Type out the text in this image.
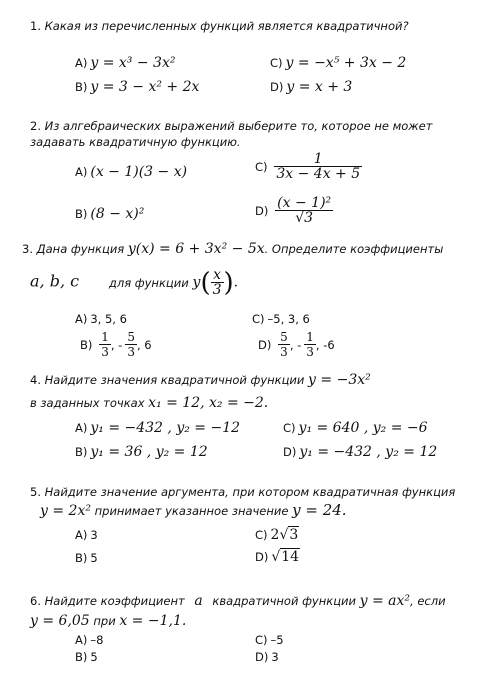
1. Какая из перечисленных функций является квадратичной?
A) y = x³ − 3x²
B) y = 3 − x² + 2x
C) y = −x⁵ + 3x − 2
D) y = x + 3
2. Из алгебраических выражений выберите то, которое не может задавать квадратичную функцию.
A) (x − 1)(3 − x)
B) (8 − x)²
$C) \frac{1}{3x - 4x + 5}$
$D) \frac{\text{(x − 1)²}}{√3}$
3. Дана функция y(x) = 6 + 3x² − 5x. Определите коэффициенты
a, b, c	для функции $y( \frac{x}{3}$ ).
A) 3, 5, 6
$B) \frac{1}{3}$ , - $\frac{5}{3}$ , 6
C) –5, 3, 6
$D) \frac{5}{3}$ , - $\frac{1}{3}$ , -6
4. Найдите значения квадратичной функции y = −3x²
в заданных точках x₁ = 12, x₂ = −2.
A) y₁ = −432 , y₂ = −12
B) y₁ = 36 , y₂ = 12
C) y₁ = 640 , y₂ = −6
D) y₁ = −432 , y₂ = 12
5. Найдите значение аргумента, при котором квадратичная функция
y = 2x² принимает указанное значение y = 24.
A) 3
B) 5
C) 2√3
D) √14
6. Найдите коэффициент a квадратичной функции y = ax², если
y = 6,05 при x = −1,1.
A) –8
B) 5
C) –5
D) 3
